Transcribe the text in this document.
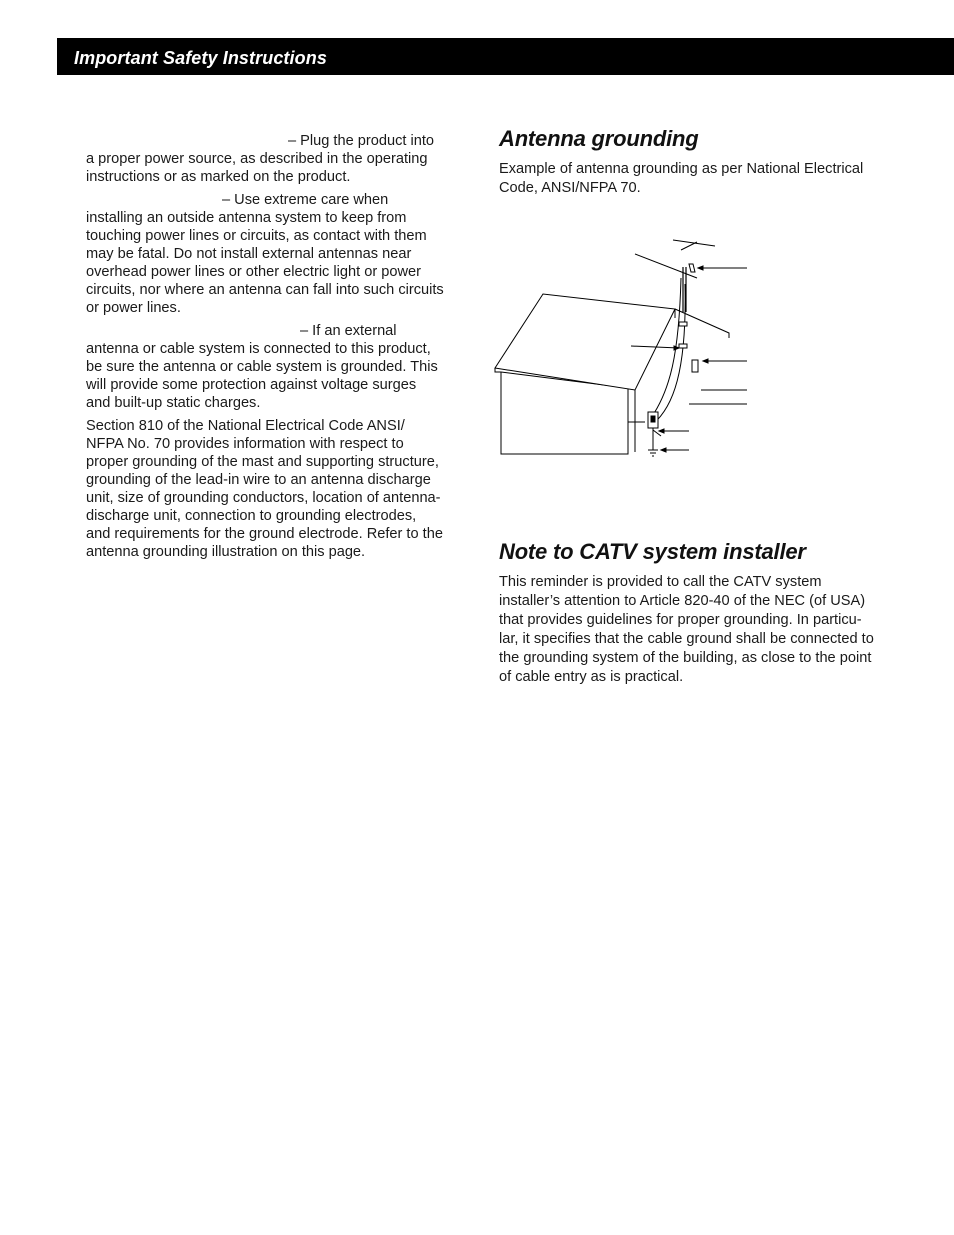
Important Safety Instructions

– Plug the product into a proper power source, as described in the operating instructions or as marked on the product.

– Use extreme care when installing an outside antenna system to keep from touching power lines or circuits, as contact with them may be fatal. Do not install external antennas near overhead power lines or other electric light or power circuits, nor where an antenna can fall into such circuits or power lines.

– If an external antenna or cable system is connected to this product, be sure the antenna or cable system is grounded. This will provide some protection against voltage surges and built-up static charges.

Section 810 of the National Electrical Code ANSI/ NFPA No. 70 provides information with respect to proper grounding of the mast and supporting structure, grounding of the lead-in wire to an antenna discharge unit, size of grounding conductors, location of antenna-discharge unit, connection to grounding electrodes, and requirements for the ground electrode. Refer to the antenna grounding illustration on this page.

Antenna grounding

Example of antenna grounding as per National Electrical Code, ANSI/NFPA 70.

Note to CATV system installer

This reminder is provided to call the CATV system installer’s attention to Article 820-40 of the NEC (of USA) that provides guidelines for proper grounding. In particu-lar, it specifies that the cable ground shall be connected to the grounding system of the building, as close to the point of cable entry as is practical.
